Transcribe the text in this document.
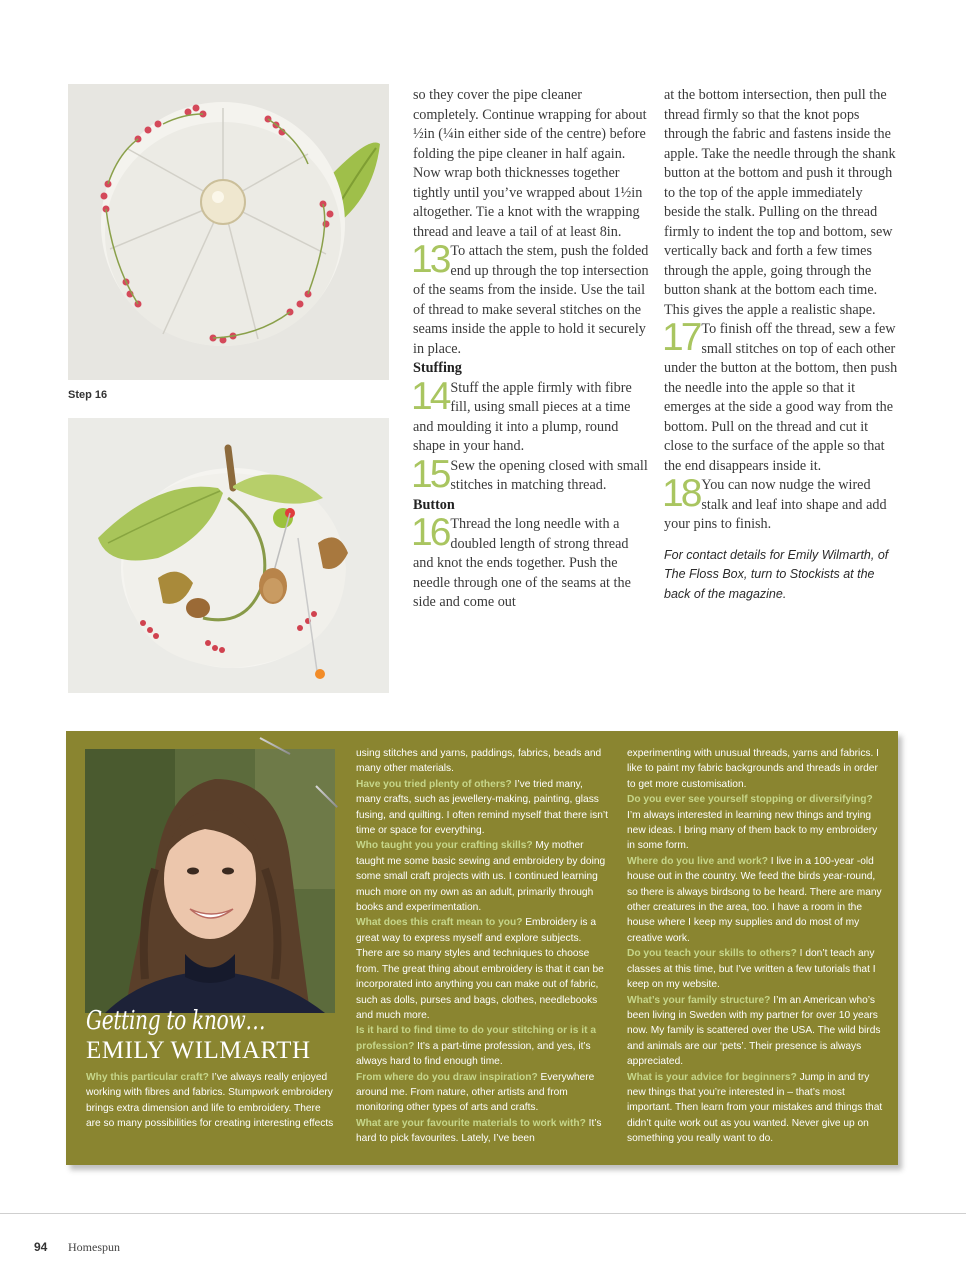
Step 16

so they cover the pipe cleaner completely. Continue wrapping for about ½in (¼in either side of the centre) before folding the pipe cleaner in half again. Now wrap both thicknesses together tightly until you’ve wrapped about 1½in altogether. Tie a knot with the wrapping thread and leave a tail of at least 8in.

13 To attach the stem, push the folded end up through the top intersection of the seams from the inside. Use the tail of thread to make several stitches on the seams inside the apple to hold it securely in place.

Stuffing

14 Stuff the apple firmly with fibre fill, using small pieces at a time and moulding it into a plump, round shape in your hand.

15 Sew the opening closed with small stitches in matching thread.

Button

16 Thread the long needle with a doubled length of strong thread and knot the ends together. Push the needle through one of the seams at the side and come out

at the bottom intersection, then pull the thread firmly so that the knot pops through the fabric and fastens inside the apple. Take the needle through the shank button at the bottom and push it through to the top of the apple immediately beside the stalk. Pulling on the thread firmly to indent the top and bottom, sew vertically back and forth a few times through the apple, going through the button shank at the bottom each time. This gives the apple a realistic shape.

17 To finish off the thread, sew a few small stitches on top of each other under the button at the bottom, then push the needle into the apple so that it emerges at the side a good way from the bottom. Pull on the thread and cut it close to the surface of the apple so that the end disappears inside it.

18 You can now nudge the wired stalk and leaf into shape and add your pins to finish.

For contact details for Emily Wilmarth, of The Floss Box, turn to Stockists at the back of the magazine.

Getting to know…
EMILY WILMARTH
Why this particular craft? I’ve always really enjoyed working with fibres and fabrics. Stumpwork embroidery brings extra dimension and life to embroidery. There are so many possibilities for creating interesting effects
using stitches and yarns, paddings, fabrics, beads and many other materials.
Have you tried plenty of others? I’ve tried many, many crafts, such as jewellery-making, painting, glass fusing, and quilting. I often remind myself that there isn’t time or space for everything.
Who taught you your crafting skills? My mother taught me some basic sewing and embroidery by doing some small craft projects with us. I continued learning much more on my own as an adult, primarily through books and experimentation.
What does this craft mean to you? Embroidery is a great way to express myself and explore subjects. There are so many styles and techniques to choose from. The great thing about embroidery is that it can be incorporated into anything you can make out of fabric, such as dolls, purses and bags, clothes, needlebooks and much more.
Is it hard to find time to do your stitching or is it a profession? It’s a part-time profession, and yes, it’s always hard to find enough time.
From where do you draw inspiration? Everywhere around me. From nature, other artists and from monitoring other types of arts and crafts.
What are your favourite materials to work with? It’s hard to pick favourites. Lately, I’ve been
experimenting with unusual threads, yarns and fabrics. I like to paint my fabric backgrounds and threads in order to get more customisation.
Do you ever see yourself stopping or diversifying? I’m always interested in learning new things and trying new ideas. I bring many of them back to my embroidery in some form.
Where do you live and work? I live in a 100-year -old house out in the country. We feed the birds year-round, so there is always birdsong to be heard. There are many other creatures in the area, too. I have a room in the house where I keep my supplies and do most of my creative work.
Do you teach your skills to others? I don’t teach any classes at this time, but I’ve written a few tutorials that I keep on my website.
What’s your family structure? I’m an American who’s been living in Sweden with my partner for over 10 years now. My family is scattered over the USA. The wild birds and animals are our ‘pets’. Their presence is always appreciated.
What is your advice for beginners? Jump in and try new things that you’re interested in – that’s most important. Then learn from your mistakes and things that didn’t quite work out as you wanted. Never give up on something you really want to do.
94 Homespun
